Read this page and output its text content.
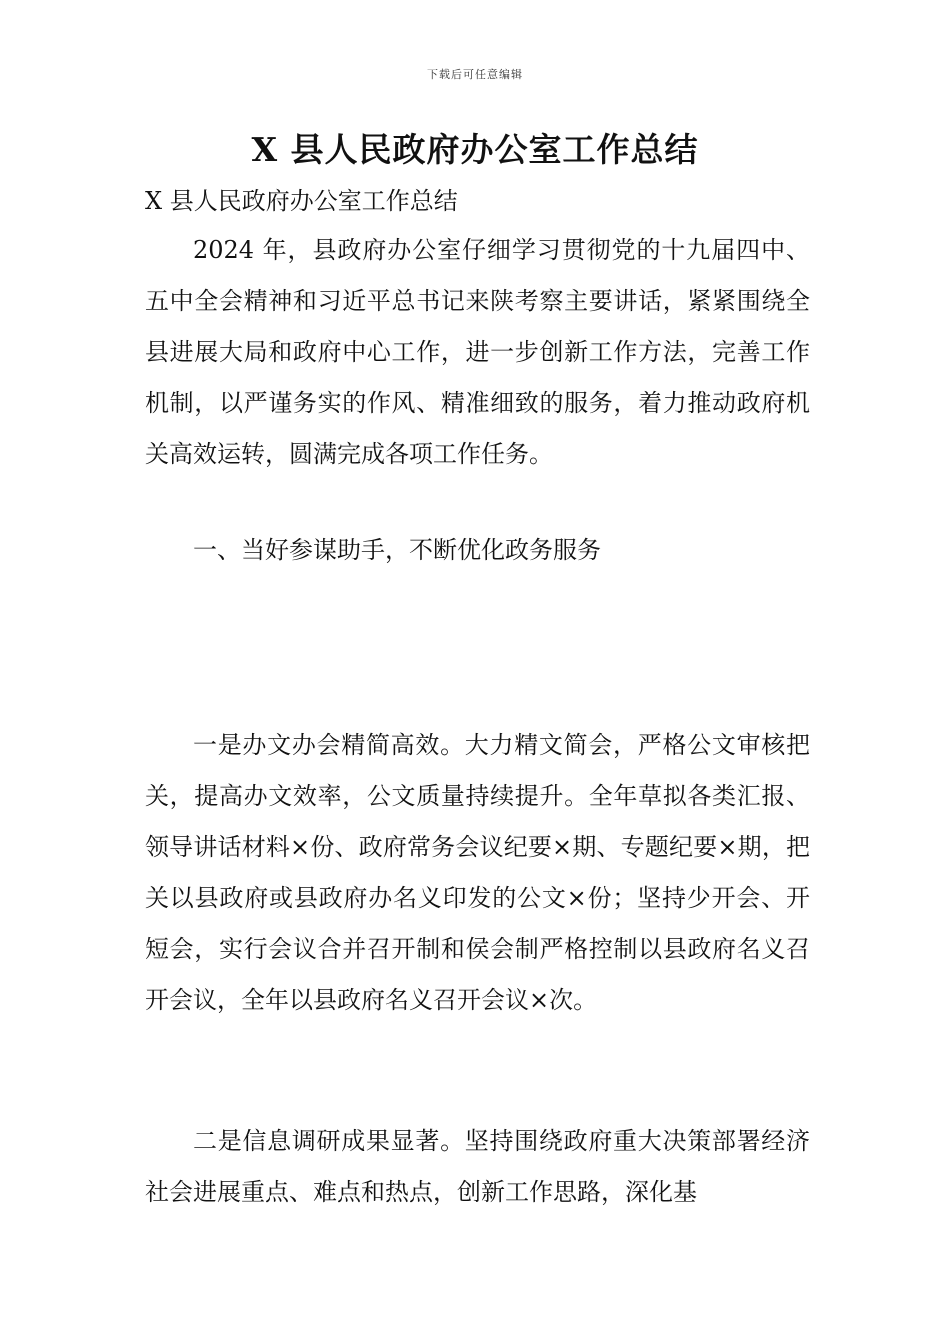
下载后可任意编辑
X 县人民政府办公室工作总结

X 县人民政府办公室工作总结

2024 年，县政府办公室仔细学习贯彻党的十九届四中、五中全会精神和习近平总书记来陕考察主要讲话，紧紧围绕全县进展大局和政府中心工作，进一步创新工作方法，完善工作机制，以严谨务实的作风、精准细致的服务，着力推动政府机关高效运转，圆满完成各项工作任务。

一、当好参谋助手，不断优化政务服务

一是办文办会精简高效。大力精文简会，严格公文审核把关，提高办文效率，公文质量持续提升。全年草拟各类汇报、领导讲话材料×份、政府常务会议纪要×期、专题纪要×期，把关以县政府或县政府办名义印发的公文×份；坚持少开会、开短会，实行会议合并召开制和侯会制严格控制以县政府名义召开会议，全年以县政府名义召开会议×次。

二是信息调研成果显著。坚持围绕政府重大决策部署经济社会进展重点、难点和热点，创新工作思路，深化基
